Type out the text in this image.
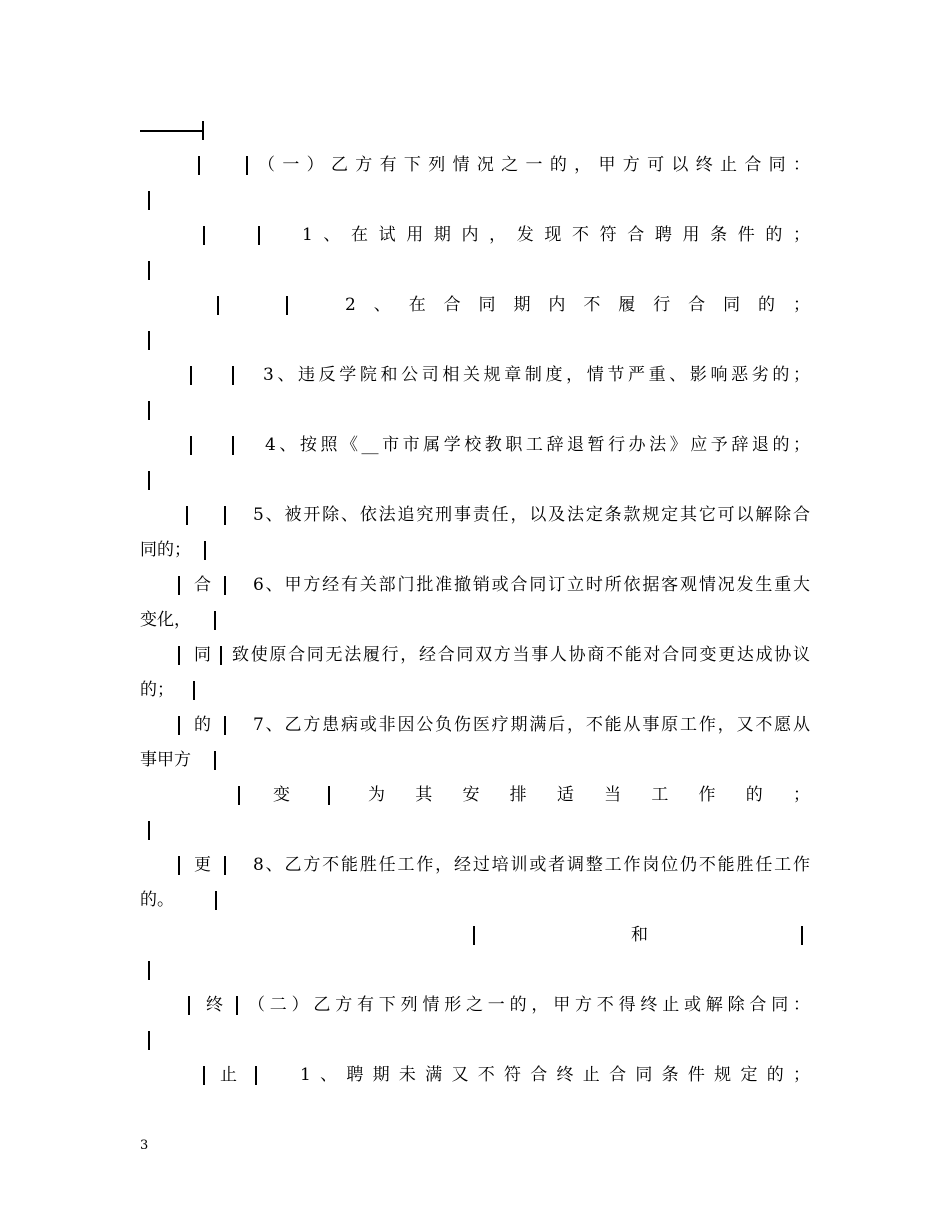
（一）乙方有下列情况之一的，甲方可以终止合同：
1、在试用期内，发现不符合聘用条件的；
2、在合同期内不履行合同的；
3、违反学院和公司相关规章制度，情节严重、影响恶劣的；
4、按照《__市市属学校教职工辞退暂行办法》应予辞退的；
5、被开除、依法追究刑事责任，以及法定条款规定其它可以解除合
同的；
合 6、甲方经有关部门批准撤销或合同订立时所依据客观情况发生重大
变化，
同 致使原合同无法履行，经合同双方当事人协商不能对合同变更达成协议
的；
的 7、乙方患病或非因公负伤医疗期满后，不能从事原工作，又不愿从
事甲方
变	为其安排适当工作的；
更 8、乙方不能胜任工作，经过培训或者调整工作岗位仍不能胜任工作
的。
和
终 （二）乙方有下列情形之一的，甲方不得终止或解除合同：
止	1、聘期未满又不符合终止合同条件规定的；
3
